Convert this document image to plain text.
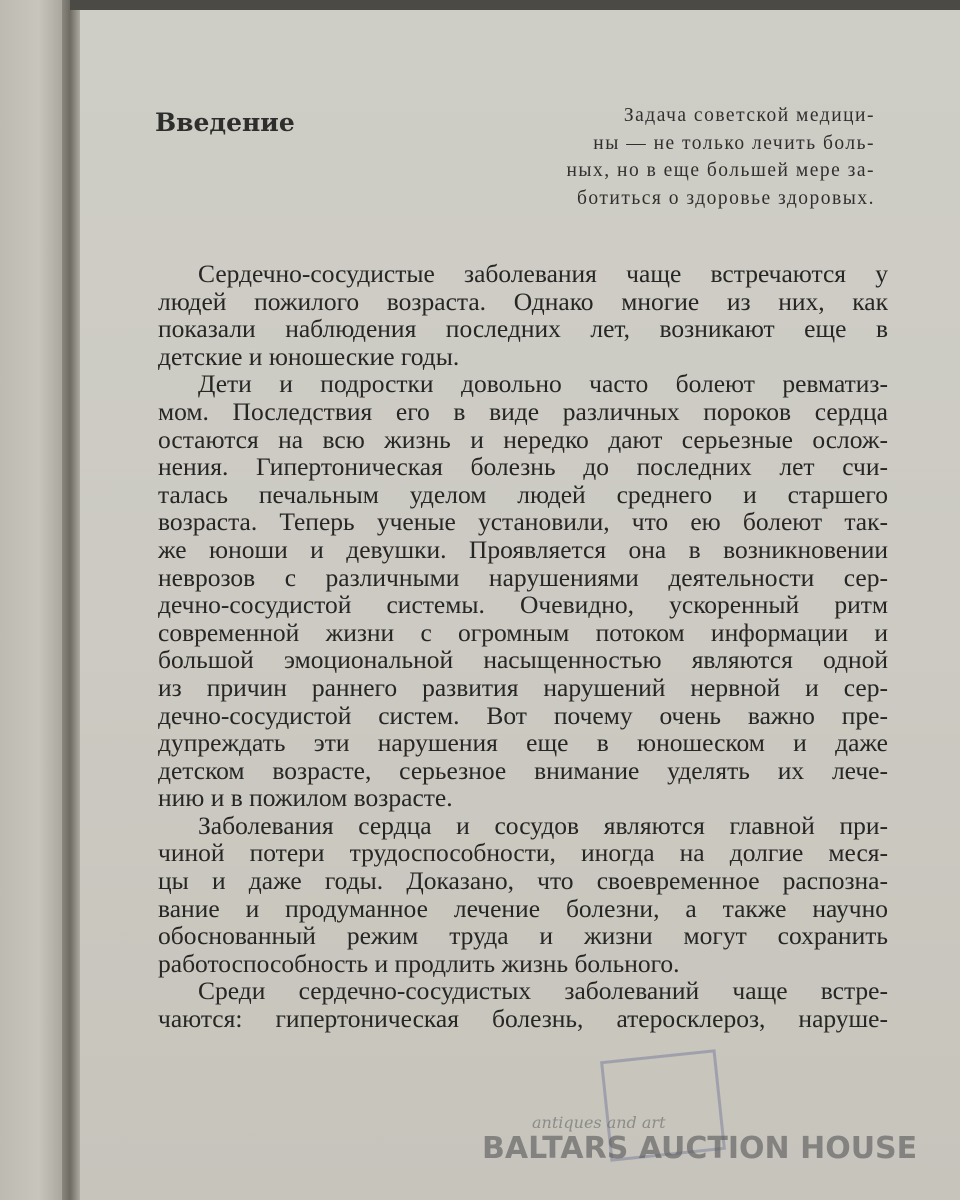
Введение	Задача советской медици-
ны — не только лечить боль-
ных, но в еще большей мере за-
ботиться о здоровье здоровых.
Сердечно-сосудистые заболевания чаще встречаются у
людей пожилого возраста. Однако многие из них, как
показали наблюдения последних лет, возникают еще в
детские и юношеские годы.
Дети и подростки довольно часто болеют ревматиз-
мом. Последствия его в виде различных пороков сердца
остаются на всю жизнь и нередко дают серьезные ослож-
нения. Гипертоническая болезнь до последних лет счи-
талась печальным уделом людей среднего и старшего
возраста. Теперь ученые установили, что ею болеют так-
же юноши и девушки. Проявляется она в возникновении
неврозов с различными нарушениями деятельности сер-
дечно-сосудистой системы. Очевидно, ускоренный ритм
современной жизни с огромным потоком информации и
большой эмоциональной насыщенностью являются одной
из причин раннего развития нарушений нервной и сер-
дечно-сосудистой систем. Вот почему очень важно пре-
дупреждать эти нарушения еще в юношеском и даже
детском возрасте, серьезное внимание уделять их лече-
нию и в пожилом возрасте.
Заболевания сердца и сосудов являются главной при-
чиной потери трудоспособности, иногда на долгие меся-
цы и даже годы. Доказано, что своевременное распозна-
вание и продуманное лечение болезни, а также научно
обоснованный режим труда и жизни могут сохранить
работоспособность и продлить жизнь больного.
Среди сердечно-сосудистых заболеваний чаще встре-
чаются: гипертоническая болезнь, атеросклероз, наруше-
antiques and art
BALTARS AUCTION HOUSE
